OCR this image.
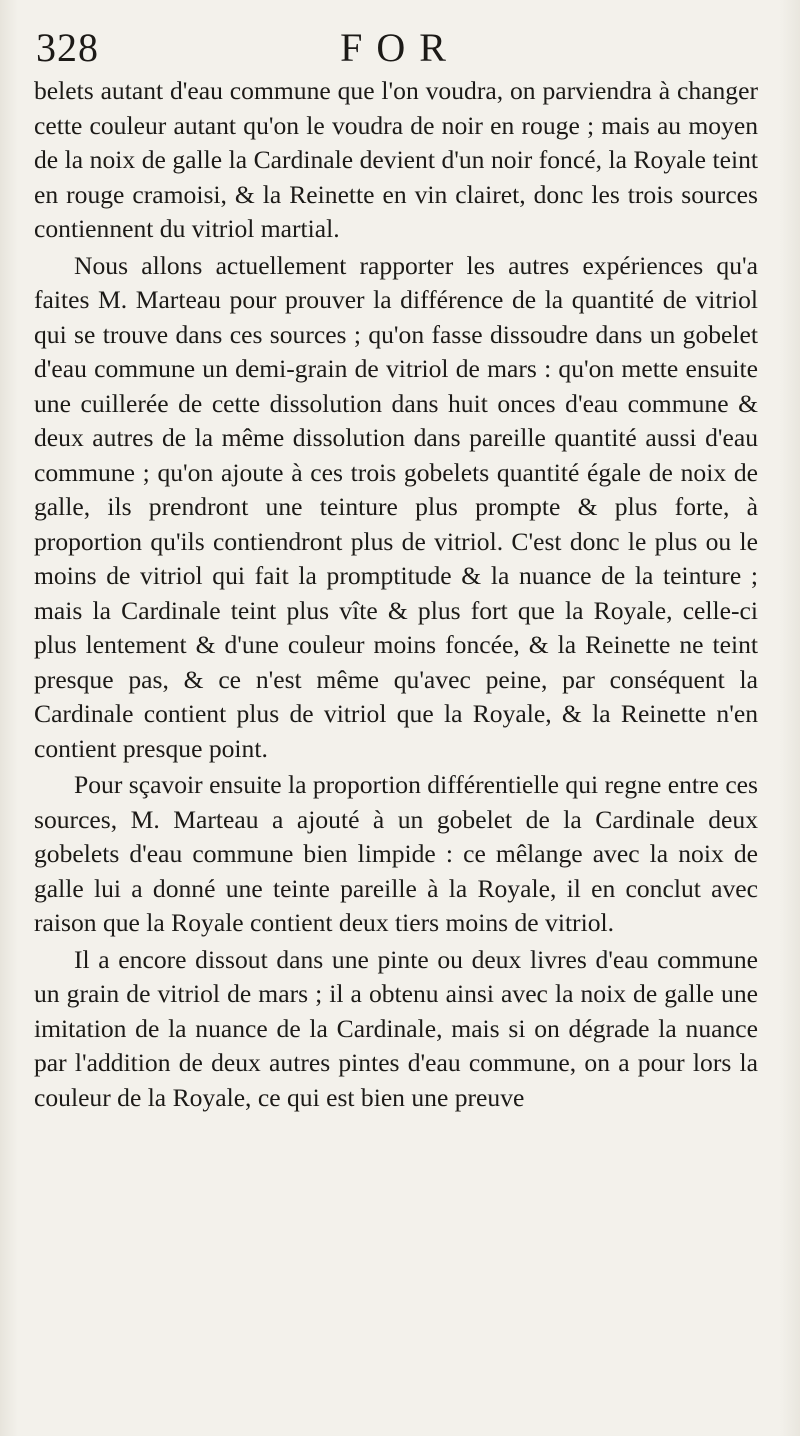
328	FOR

belets autant d'eau commune que l'on voudra, on parviendra à changer cette couleur autant qu'on le voudra de noir en rouge ; mais au moyen de la noix de galle la Cardinale devient d'un noir foncé, la Royale teint en rouge cramoisi, & la Reinette en vin clairet, donc les trois sources contiennent du vitriol martial.

Nous allons actuellement rapporter les autres expériences qu'a faites M. Marteau pour prouver la différence de la quantité de vitriol qui se trouve dans ces sources ; qu'on fasse dissoudre dans un gobelet d'eau commune un demi-grain de vitriol de mars : qu'on mette ensuite une cuillerée de cette dissolution dans huit onces d'eau commune & deux autres de la même dissolution dans pareille quantité aussi d'eau commune ; qu'on ajoute à ces trois gobelets quantité égale de noix de galle, ils prendront une teinture plus prompte & plus forte, à proportion qu'ils contiendront plus de vitriol. C'est donc le plus ou le moins de vitriol qui fait la promptitude & la nuance de la teinture ; mais la Cardinale teint plus vîte & plus fort que la Royale, celle-ci plus lentement & d'une couleur moins foncée, & la Reinette ne teint presque pas, & ce n'est même qu'avec peine, par conséquent la Cardinale contient plus de vitriol que la Royale, & la Reinette n'en contient presque point.

Pour sçavoir ensuite la proportion différentielle qui regne entre ces sources, M. Marteau a ajouté à un gobelet de la Cardinale deux gobelets d'eau commune bien limpide : ce mêlange avec la noix de galle lui a donné une teinte pareille à la Royale, il en conclut avec raison que la Royale contient deux tiers moins de vitriol.

Il a encore dissout dans une pinte ou deux livres d'eau commune un grain de vitriol de mars ; il a obtenu ainsi avec la noix de galle une imitation de la nuance de la Cardinale, mais si on dégrade la nuance par l'addition de deux autres pintes d'eau commune, on a pour lors la couleur de la Royale, ce qui est bien une preuve
